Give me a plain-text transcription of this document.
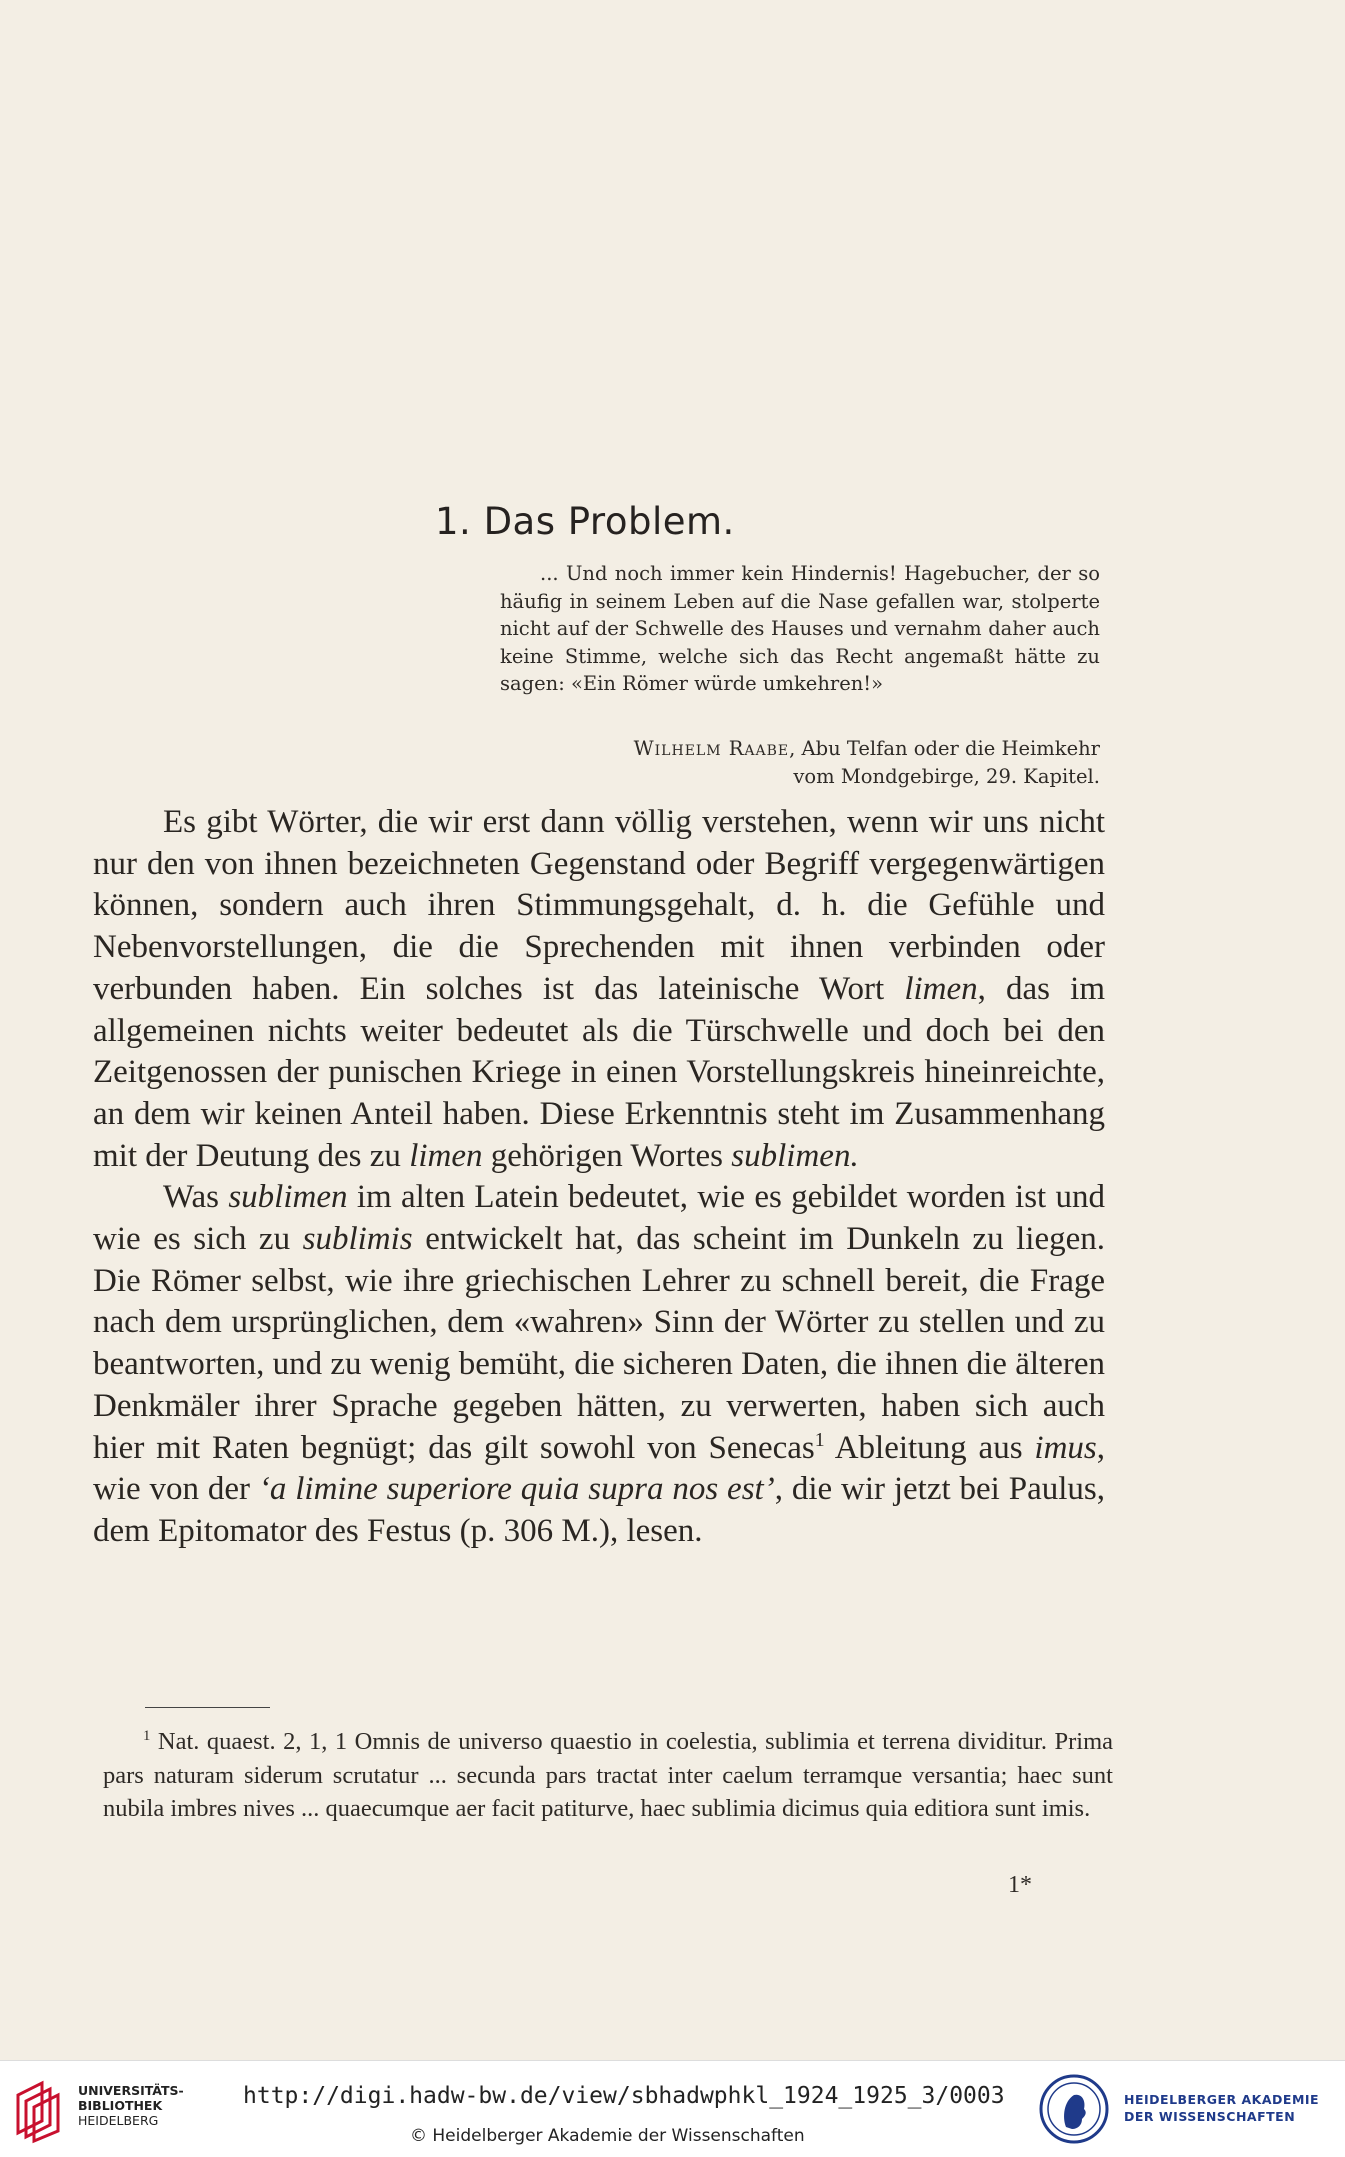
1. Das Problem.
... Und noch immer kein Hindernis! Hagebucher, der so häufig in seinem Leben auf die Nase gefallen war, stolperte nicht auf der Schwelle des Hauses und vernahm daher auch keine Stimme, welche sich das Recht angemaßt hätte zu sagen: «Ein Römer würde umkehren!»
Wilhelm Raabe, Abu Telfan oder die Heimkehr
vom Mondgebirge, 29. Kapitel.

Es gibt Wörter, die wir erst dann völlig verstehen, wenn wir uns nicht nur den von ihnen bezeichneten Gegenstand oder Begriff vergegenwärtigen können, sondern auch ihren Stimmungsgehalt, d. h. die Gefühle und Nebenvorstellungen, die die Sprechenden mit ihnen verbinden oder verbunden haben. Ein solches ist das lateinische Wort limen, das im allgemeinen nichts weiter bedeutet als die Türschwelle und doch bei den Zeitgenossen der punischen Kriege in einen Vorstellungskreis hineinreichte, an dem wir keinen Anteil haben. Diese Erkenntnis steht im Zusammenhang mit der Deutung des zu limen gehörigen Wortes sublimen.

Was sublimen im alten Latein bedeutet, wie es gebildet worden ist und wie es sich zu sublimis entwickelt hat, das scheint im Dunkeln zu liegen. Die Römer selbst, wie ihre griechischen Lehrer zu schnell bereit, die Frage nach dem ursprünglichen, dem «wahren» Sinn der Wörter zu stellen und zu beantworten, und zu wenig bemüht, die sicheren Daten, die ihnen die älteren Denkmäler ihrer Sprache gegeben hätten, zu verwerten, haben sich auch hier mit Raten begnügt; das gilt sowohl von Senecas$^1$ Ableitung aus imus, wie von der ‘a limine superiore quia supra nos est’, die wir jetzt bei Paulus, dem Epitomator des Festus (p. 306 M.), lesen.

$^1$ Nat. quaest. 2, 1, 1 Omnis de universo quaestio in coelestia, sublimia et terrena dividitur. Prima pars naturam siderum scrutatur ... secunda pars tractat inter caelum terramque versantia; haec sunt nubila imbres nives ... quaecumque aer facit patiturve, haec sublimia dicimus quia editiora sunt imis.

1*
UNIVERSITÄTS-
BIBLIOTHEK
HEIDELBERG
http://digi.hadw-bw.de/view/sbhadwphkl_1924_1925_3/0003
© Heidelberger Akademie der Wissenschaften
HEIDELBERGER AKADEMIE
DER WISSENSCHAFTEN
